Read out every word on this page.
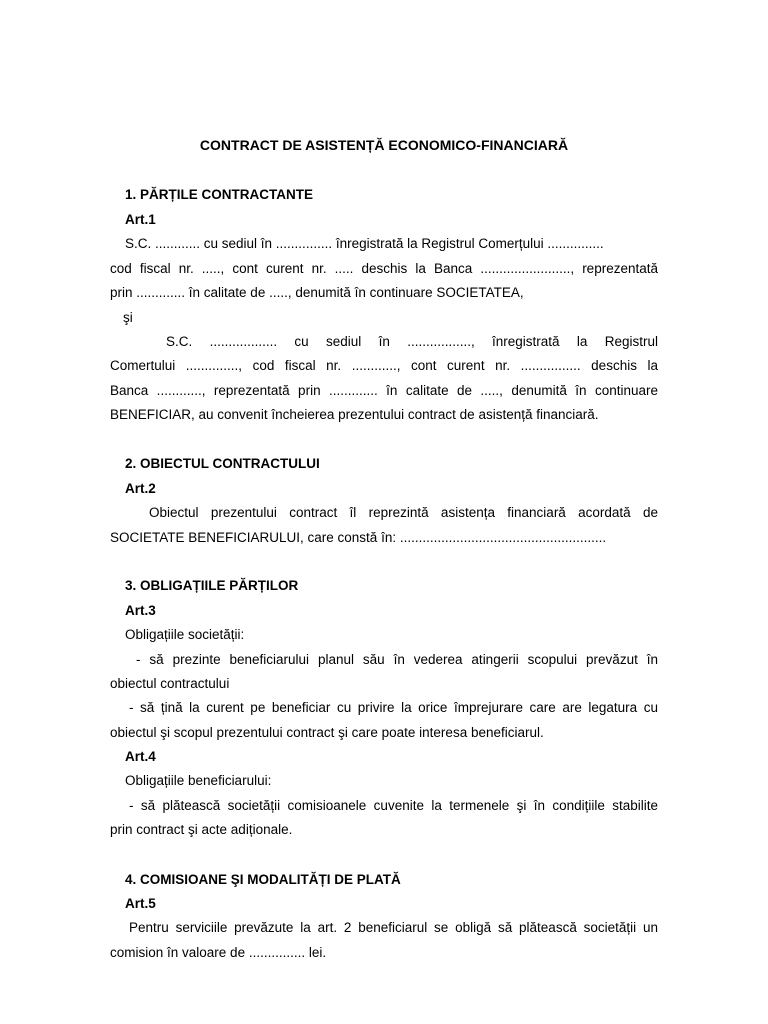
CONTRACT DE ASISTENȚĂ ECONOMICO-FINANCIARĂ
1. PĂRȚILE CONTRACTANTE
Art.1
S.C. ............ cu sediul în ............... înregistrată la Registrul Comerțului ...............
cod fiscal nr. ....., cont curent nr. ..... deschis la Banca ........................, reprezentată
prin ............. în calitate de ....., denumită în continuare SOCIETATEA,
şi
S.C. .................. cu sediul în ................., înregistrată la Registrul
Comertului .............., cod fiscal nr. ............, cont curent nr. ................ deschis la
Banca ............, reprezentată prin ............. în calitate de ....., denumită în continuare
BENEFICIAR, au convenit încheierea prezentului contract de asistență financiară.
2. OBIECTUL CONTRACTULUI
Art.2
Obiectul prezentului contract îl reprezintă asistența financiară acordată de
SOCIETATE BENEFICIARULUI, care constă în: .......................................................
3. OBLIGAȚIILE PĂRȚILOR
Art.3
Obligațiile societății:
- să prezinte beneficiarului planul său în vederea atingerii scopului prevăzut în
obiectul contractului
- să țină la curent pe beneficiar cu privire la orice împrejurare care are legatura cu
obiectul şi scopul prezentului contract şi care poate interesa beneficiarul.
Art.4
Obligațiile beneficiarului:
- să plătească societății comisioanele cuvenite la termenele şi în condițiile stabilite
prin contract şi acte adiționale.
4. COMISIOANE ŞI MODALITĂȚI DE PLATĂ
Art.5
Pentru serviciile prevăzute la art. 2 beneficiarul se obligă să plătească societății un
comision în valoare de ............... lei.
